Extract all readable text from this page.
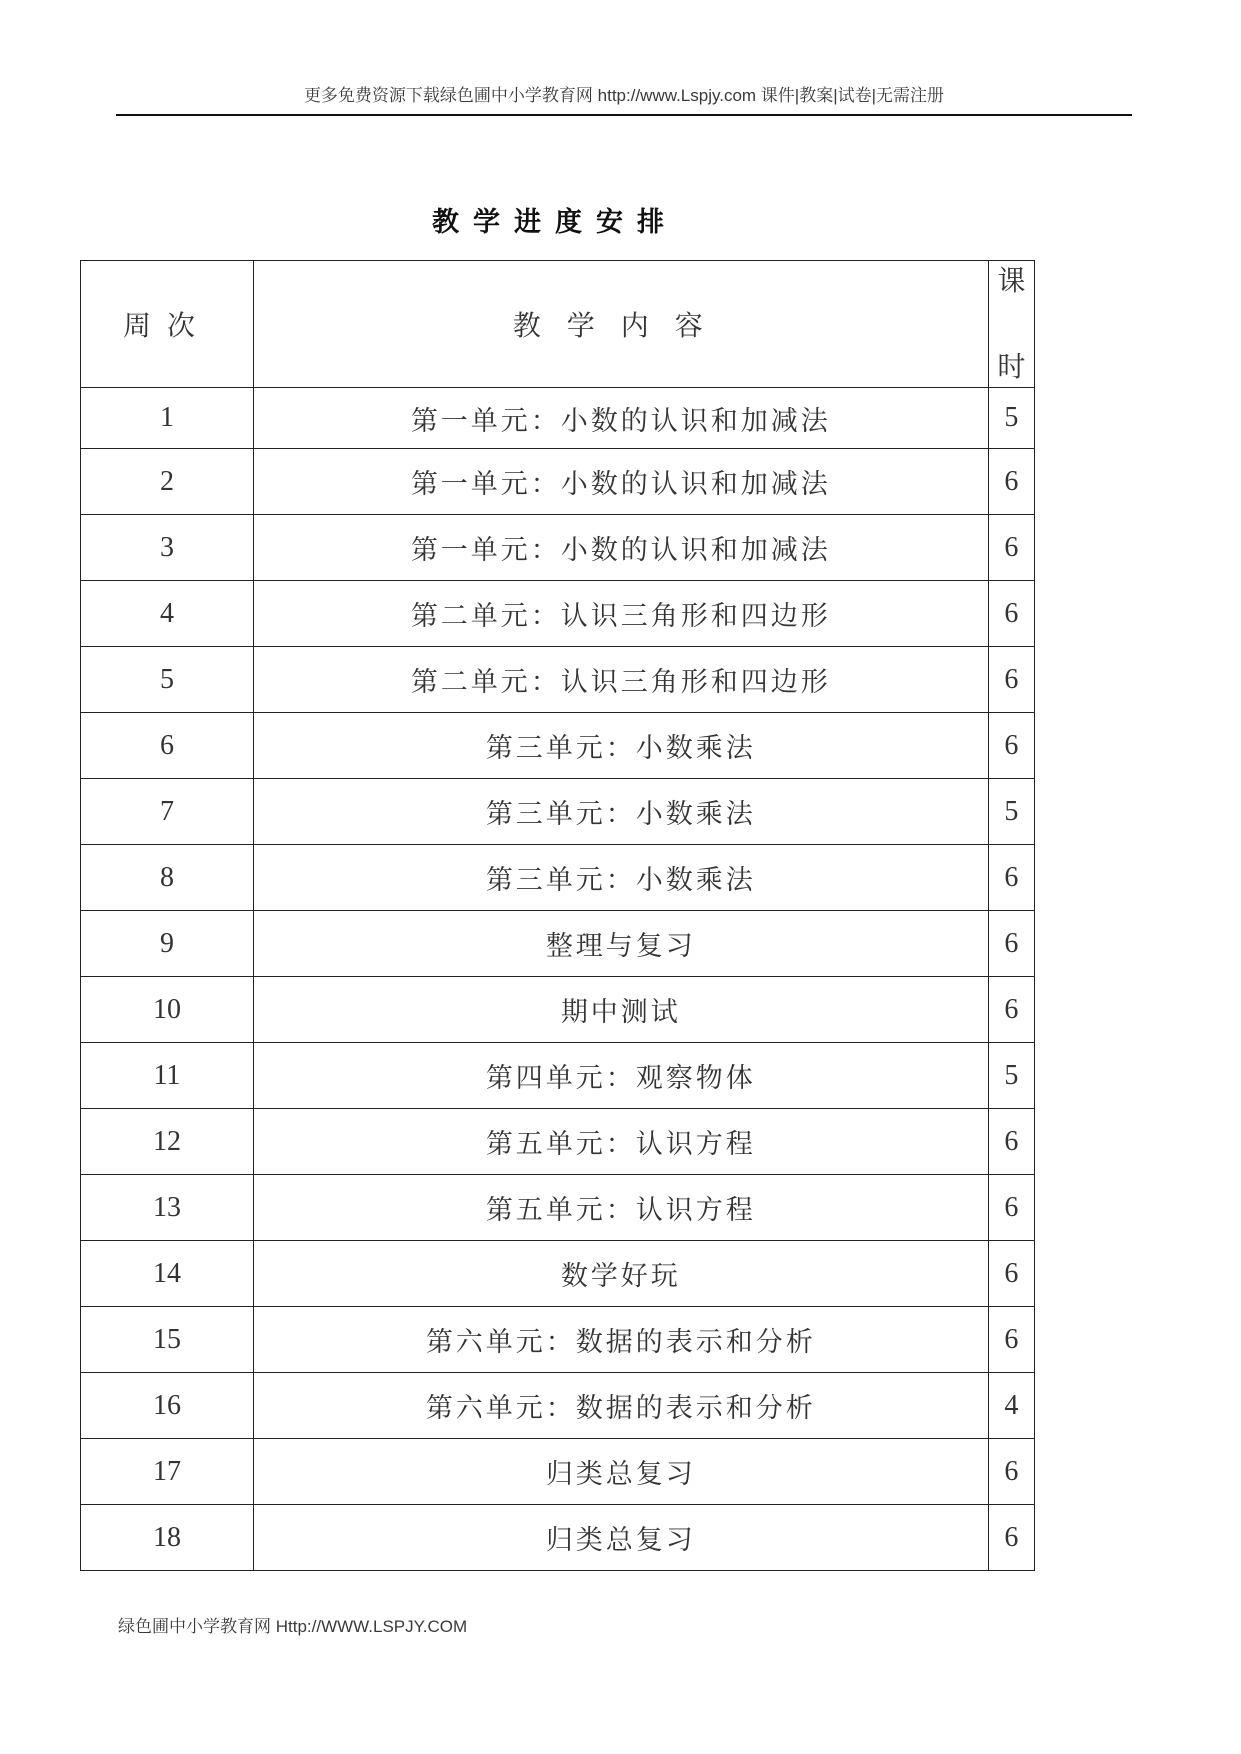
更多免费资源下载绿色圃中小学教育网 http://www.Lspjy.com 课件|教案|试卷|无需注册
教学进度安排
周次	教学内容	课
时

1	第一单元：小数的认识和加减法	5
2	第一单元：小数的认识和加减法	6
3	第一单元：小数的认识和加减法	6
4	第二单元：认识三角形和四边形	6
5	第二单元：认识三角形和四边形	6
6	第三单元：小数乘法	6
7	第三单元：小数乘法	5
8	第三单元：小数乘法	6
9	整理与复习	6
10	期中测试	6
11	第四单元：观察物体	5
12	第五单元：认识方程	6
13	第五单元：认识方程	6
14	数学好玩	6
15	第六单元：数据的表示和分析	6
16	第六单元：数据的表示和分析	4
17	归类总复习	6
18	归类总复习	6
绿色圃中小学教育网 Http://WWW.LSPJY.COM
